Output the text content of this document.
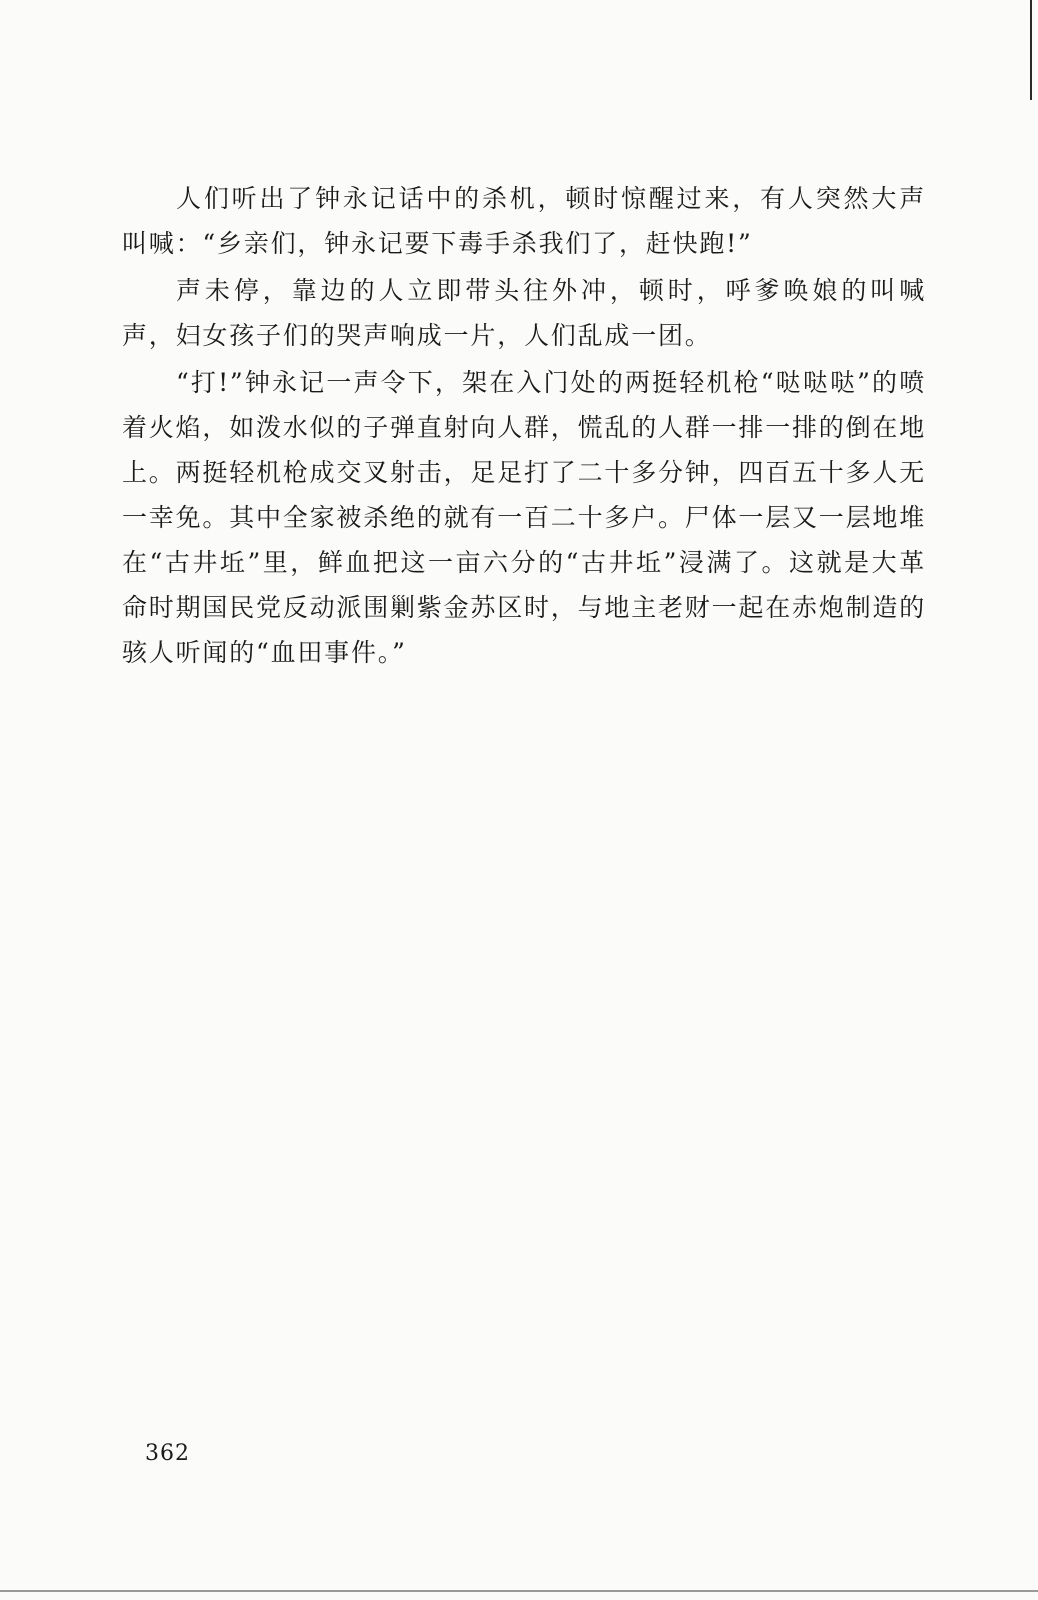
人们听出了钟永记话中的杀机，顿时惊醒过来，有人突然大声叫喊：“乡亲们，钟永记要下毒手杀我们了，赶快跑!”

声未停，靠边的人立即带头往外冲，顿时，呼爹唤娘的叫喊声，妇女孩子们的哭声响成一片，人们乱成一团。

“打!”钟永记一声令下，架在入门处的两挺轻机枪“哒哒哒”的喷着火焰，如泼水似的子弹直射向人群，慌乱的人群一排一排的倒在地上。两挺轻机枪成交叉射击，足足打了二十多分钟，四百五十多人无一幸免。其中全家被杀绝的就有一百二十多户。尸体一层又一层地堆在“古井坵”里，鲜血把这一亩六分的“古井坵”浸满了。这就是大革命时期国民党反动派围剿紫金苏区时，与地主老财一起在赤炮制造的骇人听闻的“血田事件。”

362
